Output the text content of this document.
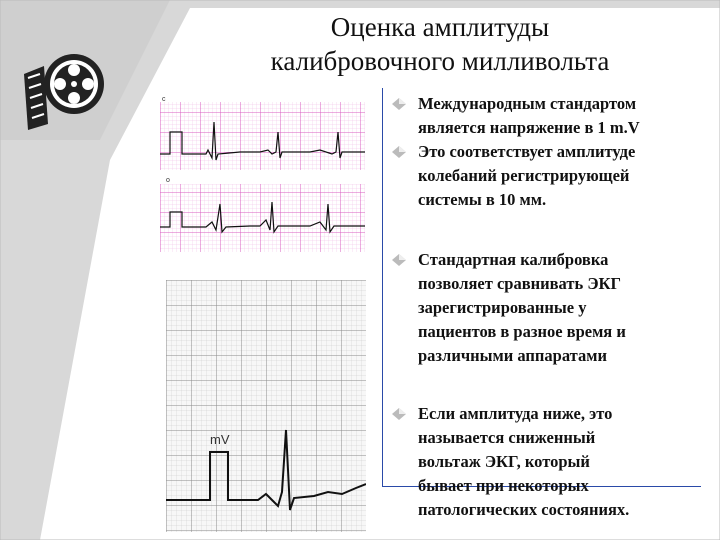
Оценка амплитуды
калибровочного милливольта
c
o
mV
Международным стандартом
является напряжение в 1 m.V
Это соответствует амплитуде
колебаний регистрирующей
системы в 10 мм.
Стандартная калибровка
позволяет сравнивать ЭКГ
зарегистрированные у
пациентов в разное время и
различными аппаратами
Если амплитуда ниже, это
называется сниженный
вольтаж ЭКГ, который
бывает при некоторых
патологических состояниях.
